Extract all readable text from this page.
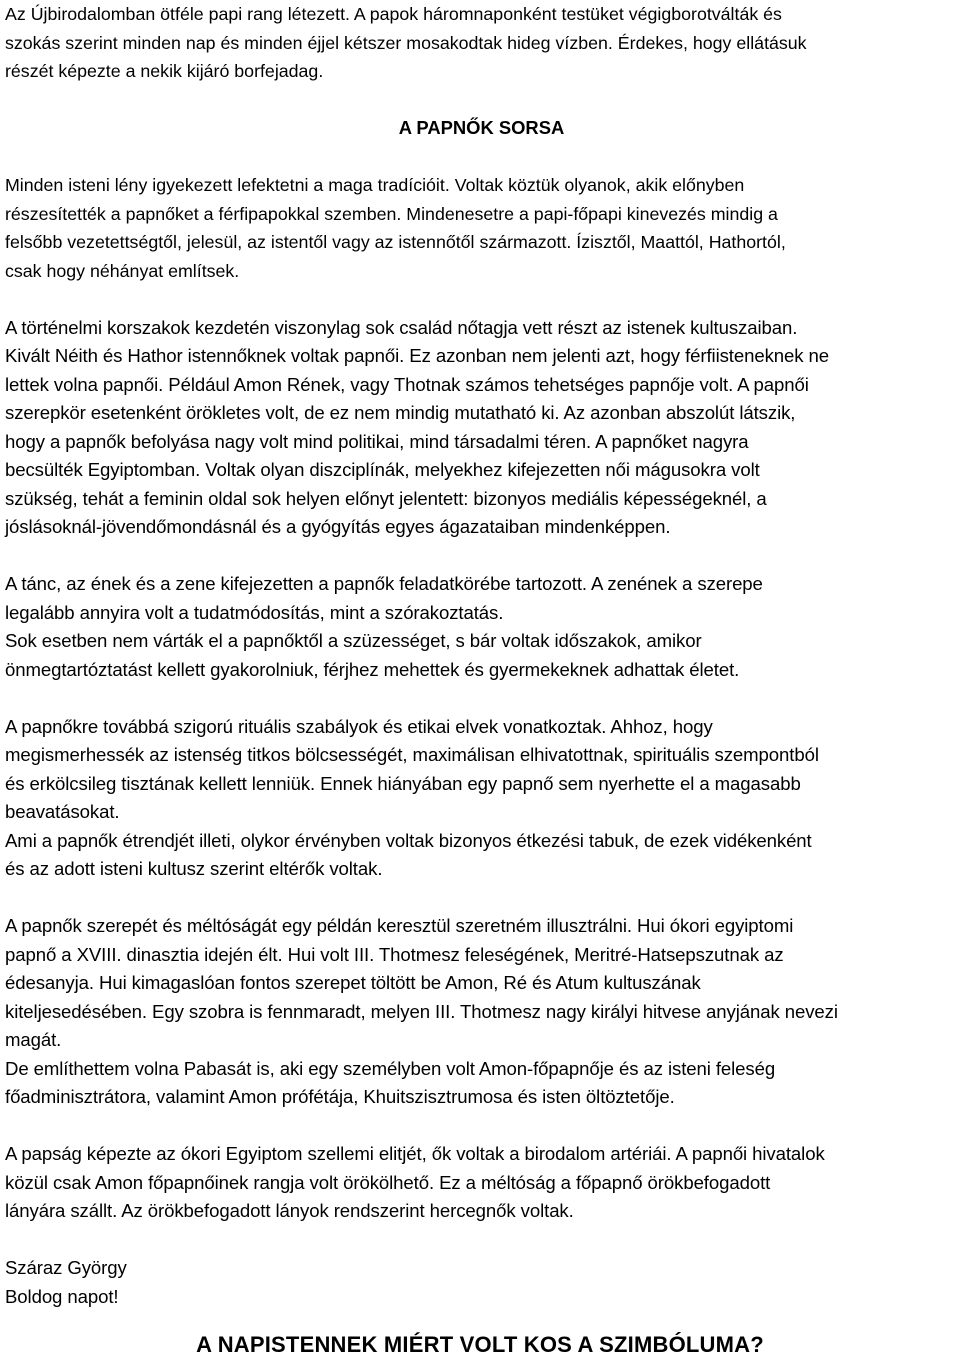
Az Újbirodalomban ötféle papi rang létezett. A papok háromnaponként testüket végigborotválták és

szokás szerint minden nap és minden éjjel kétszer mosakodtak hideg vízben. Érdekes, hogy ellátásuk

részét képezte a nekik kijáró borfejadag.

A PAPNŐK SORSA

Minden isteni lény igyekezett lefektetni a maga tradícióit. Voltak köztük olyanok, akik előnyben

részesítették a papnőket a férfipapokkal szemben. Mindenesetre a papi-főpapi kinevezés mindig a

felsőbb vezetettségtől, jelesül, az istentől vagy az istennőtől származott. Ízisztől, Maattól, Hathortól,

csak hogy néhányat említsek.

A történelmi korszakok kezdetén viszonylag sok család nőtagja vett részt az istenek kultuszaiban.

Kivált Néith és Hathor istennőknek voltak papnői. Ez azonban nem jelenti azt, hogy férfiisteneknek ne

lettek volna papnői. Például Amon Rének, vagy Thotnak számos tehetséges papnője volt. A papnői

szerepkör esetenként örökletes volt, de ez nem mindig mutatható ki. Az azonban abszolút látszik,

hogy a papnők befolyása nagy volt mind politikai, mind társadalmi téren. A papnőket nagyra

becsülték Egyiptomban. Voltak olyan diszciplínák, melyekhez kifejezetten női mágusokra volt

szükség, tehát a feminin oldal sok helyen előnyt jelentett: bizonyos mediális képességeknél, a

jóslásoknál-jövendőmondásnál és a gyógyítás egyes ágazataiban mindenképpen.

A tánc, az ének és a zene kifejezetten a papnők feladatkörébe tartozott. A zenének a szerepe

legalább annyira volt a tudatmódosítás, mint a szórakoztatás.

Sok esetben nem várták el a papnőktől a szüzességet, s bár voltak időszakok, amikor

önmegtartóztatást kellett gyakorolniuk, férjhez mehettek és gyermekeknek adhattak életet.

A papnőkre továbbá szigorú rituális szabályok és etikai elvek vonatkoztak. Ahhoz, hogy

megismerhessék az istenség titkos bölcsességét, maximálisan elhivatottnak, spirituális szempontból

és erkölcsileg tisztának kellett lenniük. Ennek hiányában egy papnő sem nyerhette el a magasabb

beavatásokat.

Ami a papnők étrendjét illeti, olykor érvényben voltak bizonyos étkezési tabuk, de ezek vidékenként

és az adott isteni kultusz szerint eltérők voltak.

A papnők szerepét és méltóságát egy példán keresztül szeretném illusztrálni. Hui ókori egyiptomi

papnő a XVIII. dinasztia idején élt. Hui volt III. Thotmesz feleségének, Meritré-Hatsepszutnak az

édesanyja. Hui kimagaslóan fontos szerepet töltött be Amon, Ré és Atum kultuszának

kiteljesedésében. Egy szobra is fennmaradt, melyen III. Thotmesz nagy királyi hitvese anyjának nevezi

magát.

De említhettem volna Pabasát is, aki egy személyben volt Amon-főpapnője és az isteni feleség

főadminisztrátora, valamint Amon prófétája, Khuitszisztrumosa és isten öltöztetője.

A papság képezte az ókori Egyiptom szellemi elitjét, ők voltak a birodalom artériái. A papnői hivatalok

közül csak Amon főpapnőinek rangja volt örökölhető. Ez a méltóság a főpapnő örökbefogadott

lányára szállt. Az örökbefogadott lányok rendszerint hercegnők voltak.

Száraz György

Boldog napot!

A NAPISTENNEK MIÉRT VOLT KOS A SZIMBÓLUMA?
